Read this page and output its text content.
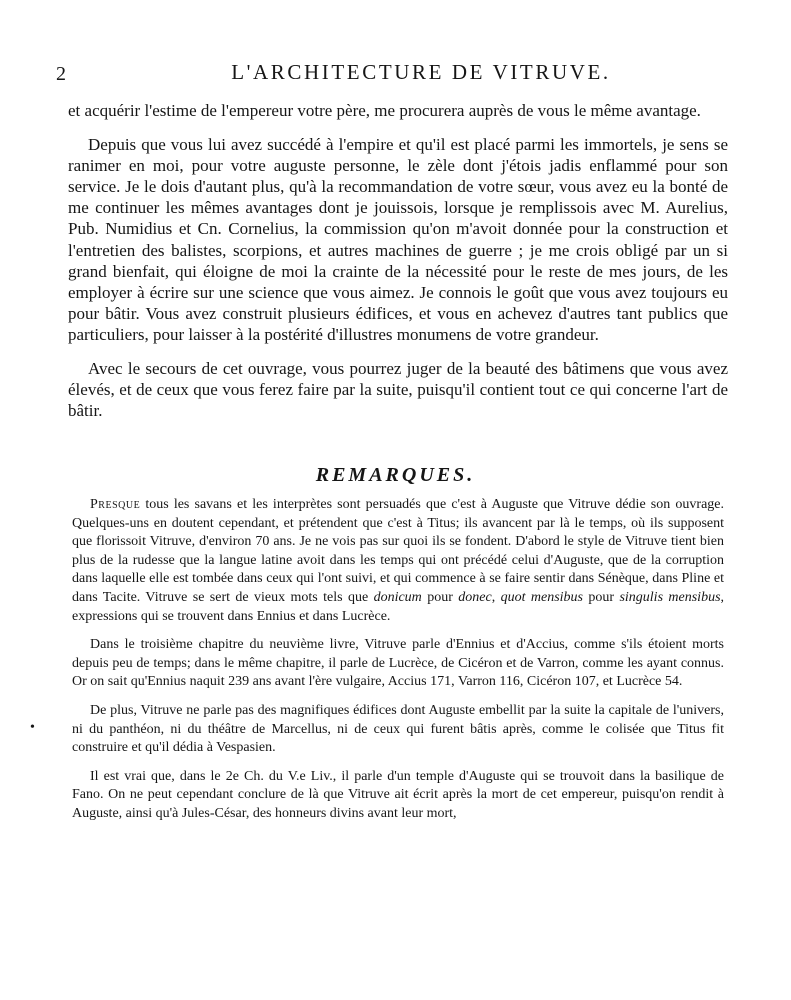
2	L'ARCHITECTURE DE VITRUVE.

et acquérir l'estime de l'empereur votre père, me procurera auprès de vous le même avantage.

Depuis que vous lui avez succédé à l'empire et qu'il est placé parmi les immortels, je sens se ranimer en moi, pour votre auguste personne, le zèle dont j'étois jadis enflammé pour son service. Je le dois d'autant plus, qu'à la recommandation de votre sœur, vous avez eu la bonté de me continuer les mêmes avantages dont je jouissois, lorsque je remplissois avec M. Aurelius, Pub. Numidius et Cn. Cornelius, la commission qu'on m'avoit donnée pour la construction et l'entretien des balistes, scorpions, et autres machines de guerre ; je me crois obligé par un si grand bienfait, qui éloigne de moi la crainte de la nécessité pour le reste de mes jours, de les employer à écrire sur une science que vous aimez. Je connois le goût que vous avez toujours eu pour bâtir. Vous avez construit plusieurs édifices, et vous en achevez d'autres tant publics que particuliers, pour laisser à la postérité d'illustres monumens de votre grandeur.

Avec le secours de cet ouvrage, vous pourrez juger de la beauté des bâtimens que vous avez élevés, et de ceux que vous ferez faire par la suite, puisqu'il contient tout ce qui concerne l'art de bâtir.

REMARQUES.

Presque tous les savans et les interprètes sont persuadés que c'est à Auguste que Vitruve dédie son ouvrage. Quelques-uns en doutent cependant, et prétendent que c'est à Titus; ils avancent par là le temps, où ils supposent que florissoit Vitruve, d'environ 70 ans. Je ne vois pas sur quoi ils se fondent. D'abord le style de Vitruve tient bien plus de la rudesse que la langue latine avoit dans les temps qui ont précédé celui d'Auguste, que de la corruption dans laquelle elle est tombée dans ceux qui l'ont suivi, et qui commence à se faire sentir dans Sénèque, dans Pline et dans Tacite. Vitruve se sert de vieux mots tels que donicum pour donec, quot mensibus pour singulis mensibus, expressions qui se trouvent dans Ennius et dans Lucrèce.

Dans le troisième chapitre du neuvième livre, Vitruve parle d'Ennius et d'Accius, comme s'ils étoient morts depuis peu de temps; dans le même chapitre, il parle de Lucrèce, de Cicéron et de Varron, comme les ayant connus. Or on sait qu'Ennius naquit 239 ans avant l'ère vulgaire, Accius 171, Varron 116, Cicéron 107, et Lucrèce 54.

De plus, Vitruve ne parle pas des magnifiques édifices dont Auguste embellit par la suite la capitale de l'univers, ni du panthéon, ni du théâtre de Marcellus, ni de ceux qui furent bâtis après, comme le colisée que Titus fit construire et qu'il dédia à Vespasien.

Il est vrai que, dans le 2e Ch. du V.e Liv., il parle d'un temple d'Auguste qui se trouvoit dans la basilique de Fano. On ne peut cependant conclure de là que Vitruve ait écrit après la mort de cet empereur, puisqu'on rendit à Auguste, ainsi qu'à Jules-César, des honneurs divins avant leur mort,

•
